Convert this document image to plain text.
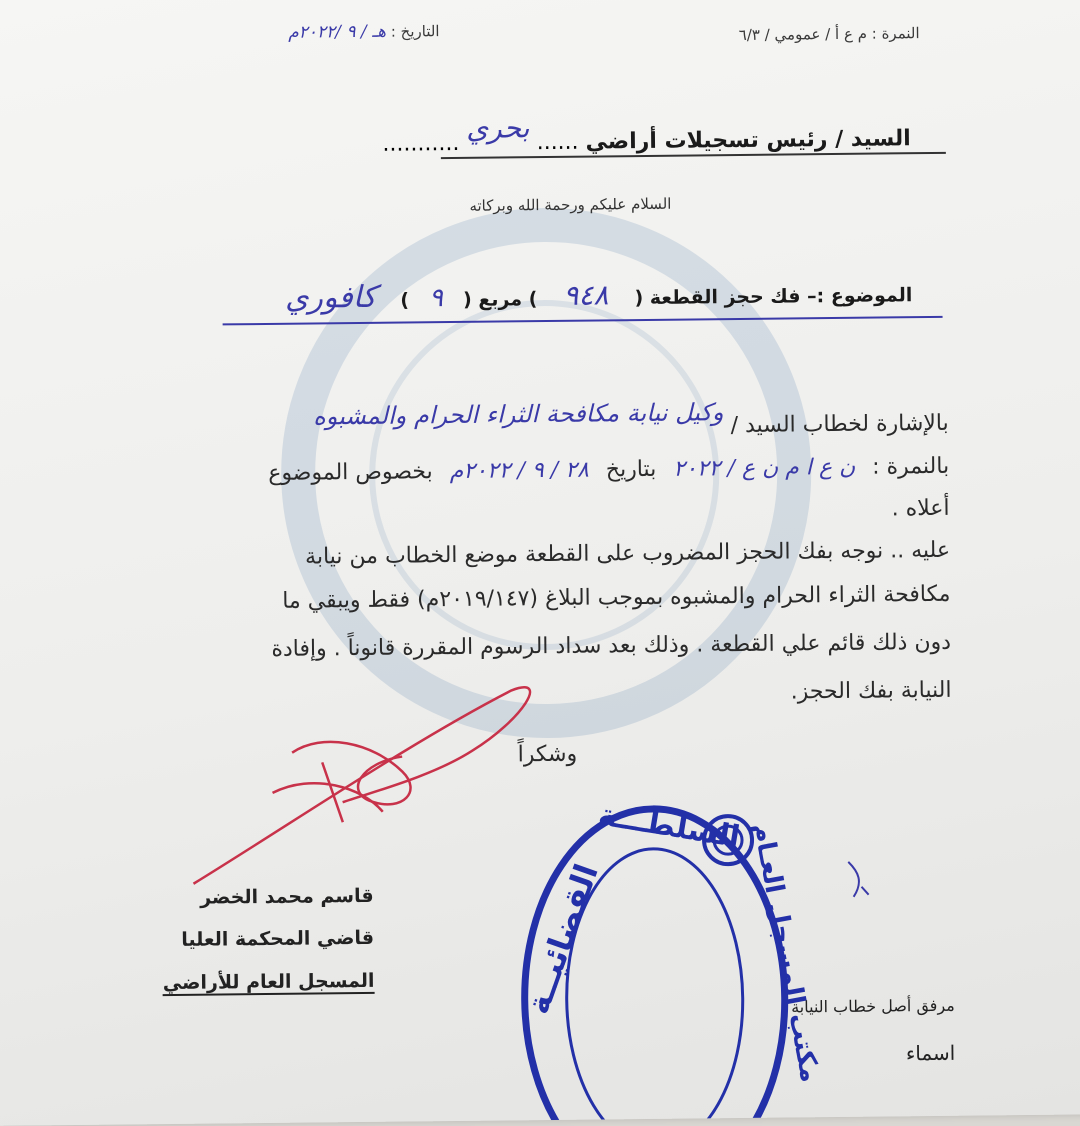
النمرة : م ع أ / عمومي / ٦/٣
التاريخ : هـ / ٩ /٢٠٢٢م
السيد / رئيس تسجيلات أراضي ...... بحري ...........
السلام عليكم ورحمة الله وبركاته
الموضوع :– فك حجز القطعة ( ٩٤٨ ) مربع ( ٩ ) كافوري
بالإشارة لخطاب السيد / وكيل نيابة مكافحة الثراء الحرام والمشبوه
بالنمرة : ن ع ا م ن ع / ٢٠٢٢ بتاريخ ٢٨ / ٩ / ٢٠٢٢م بخصوص الموضوع
أعلاه .
عليه .. نوجه بفك الحجز المضروب على القطعة موضع الخطاب من نيابة
مكافحة الثراء الحرام والمشبوه بموجب البلاغ (٢٠١٩/١٤٧م) فقط ويبقي ما
دون ذلك قائم علي القطعة . وذلك بعد سداد الرسوم المقررة قانوناً . وإفادة
النيابة بفك الحجز.
وشكراً
قاسم محمد الخضر
قاضي المحكمة العليا
المسجل العام للأراضي
السلطـــة
القضائيــة	مكتب المسجل العـام
مرفق أصل خطاب النيابة
اسماء
